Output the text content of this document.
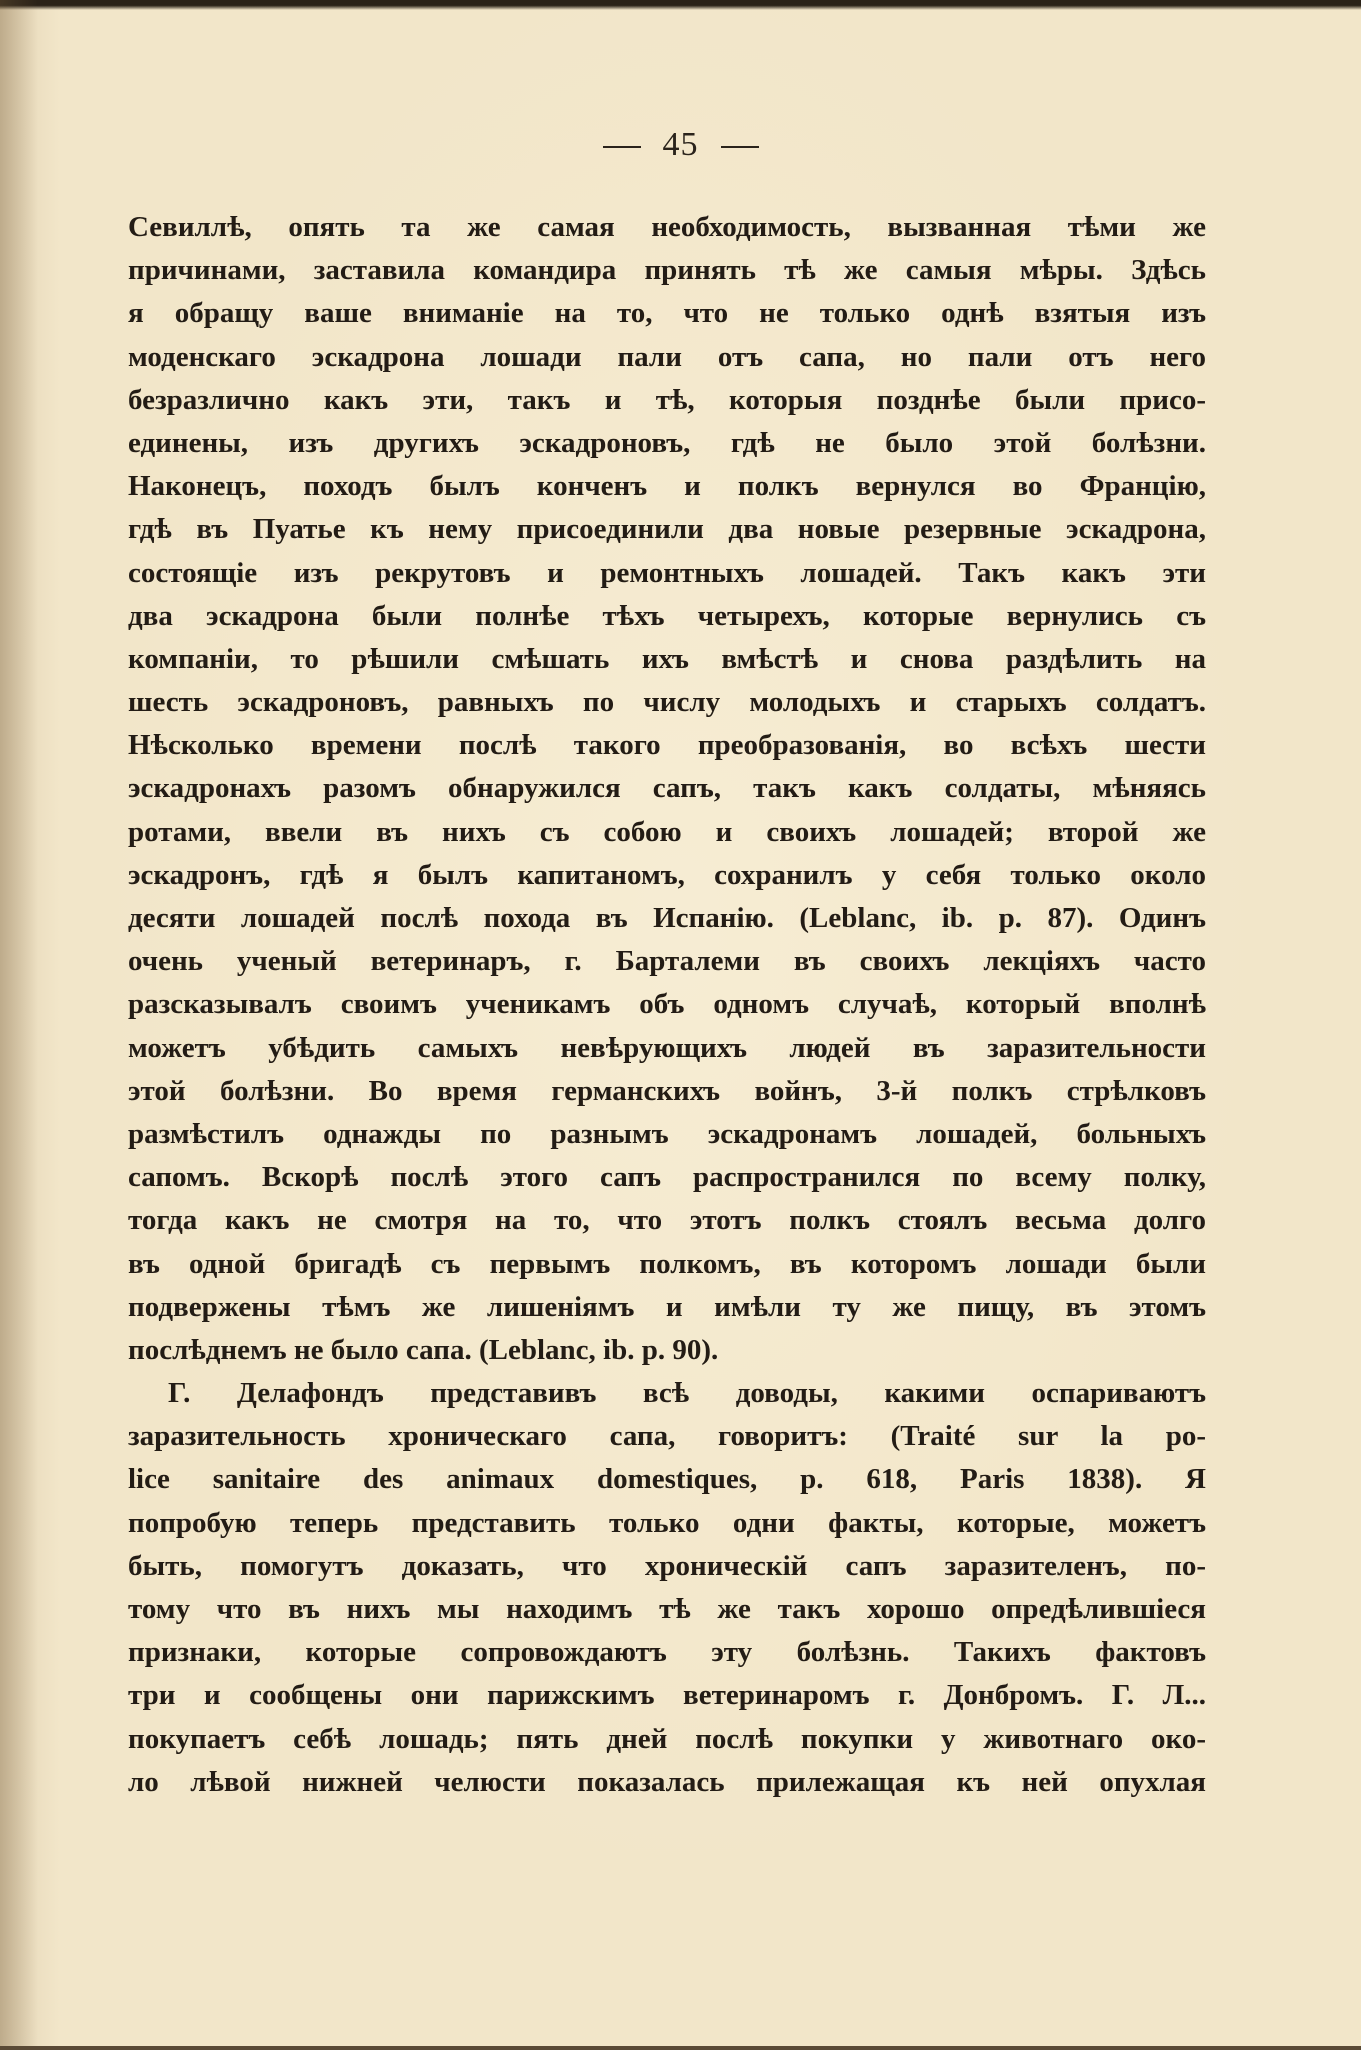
45
Севиллѣ, опять та же самая необходимость, вызванная тѣми же
причинами, заставила командира принять тѣ же самыя мѣры. Здѣсь
я обращу ваше вниманіе на то, что не только однѣ взятыя изъ
моденскаго эскадрона лошади пали отъ сапа, но пали отъ него
безразлично какъ эти, такъ и тѣ, которыя позднѣе были присо-
единены, изъ другихъ эскадроновъ, гдѣ не было этой болѣзни.
Наконецъ, походъ былъ конченъ и полкъ вернулся во Францію,
гдѣ въ Пуатье къ нему присоединили два новые резервные эскадрона,
состоящіе изъ рекрутовъ и ремонтныхъ лошадей. Такъ какъ эти
два эскадрона были полнѣе тѣхъ четырехъ, которые вернулись съ
компаніи, то рѣшили смѣшать ихъ вмѣстѣ и снова раздѣлить на
шесть эскадроновъ, равныхъ по числу молодыхъ и старыхъ солдатъ.
Нѣсколько времени послѣ такого преобразованія, во всѣхъ шести
эскадронахъ разомъ обнаружился сапъ, такъ какъ солдаты, мѣняясь
ротами, ввели въ нихъ съ собою и своихъ лошадей; второй же
эскадронъ, гдѣ я былъ капитаномъ, сохранилъ у себя только около
десяти лошадей послѣ похода въ Испанію. (Leblanc, ib. p. 87). Одинъ
очень ученый ветеринаръ, г. Барталеми въ своихъ лекціяхъ часто
разсказывалъ своимъ ученикамъ объ одномъ случаѣ, который вполнѣ
можетъ убѣдить самыхъ невѣрующихъ людей въ заразительности
этой болѣзни. Во время германскихъ войнъ, 3-й полкъ стрѣлковъ
размѣстилъ однажды по разнымъ эскадронамъ лошадей, больныхъ
сапомъ. Вскорѣ послѣ этого сапъ распространился по всему полку,
тогда какъ не смотря на то, что этотъ полкъ стоялъ весьма долго
въ одной бригадѣ съ первымъ полкомъ, въ которомъ лошади были
подвержены тѣмъ же лишеніямъ и имѣли ту же пищу, въ этомъ
послѣднемъ не было сапа. (Leblanc, ib. p. 90).
Г. Делафондъ представивъ всѣ доводы, какими оспариваютъ
заразительность хроническаго сапа, говоритъ: (Traité sur la po-
lice sanitaire des animaux domestiques, p. 618, Paris 1838). Я
попробую теперь представить только одни факты, которые, можетъ
быть, помогутъ доказать, что хроническій сапъ заразителенъ, по-
тому что въ нихъ мы находимъ тѣ же такъ хорошо опредѣлившіеся
признаки, которые сопровождаютъ эту болѣзнь. Такихъ фактовъ
три и сообщены они парижскимъ ветеринаромъ г. Донбромъ. Г. Л...
покупаетъ себѣ лошадь; пять дней послѣ покупки у животнаго око-
ло лѣвой нижней челюсти показалась прилежащая къ ней опухлая
